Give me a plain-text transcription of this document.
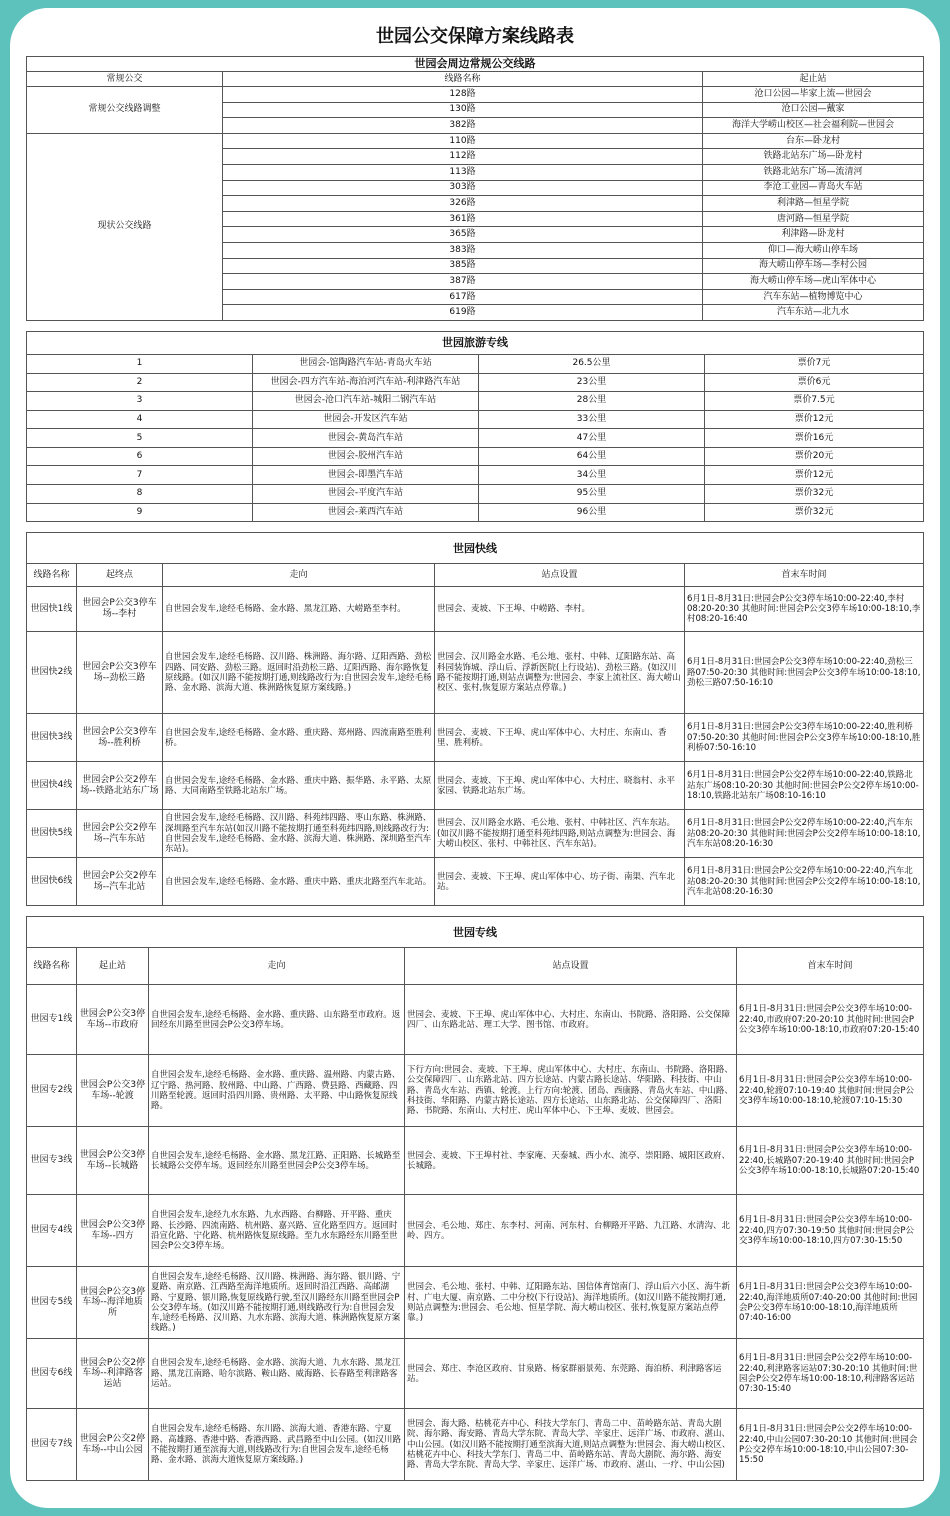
世园公交保障方案线路表
世园会周边常规公交线路		
常规公交	线路名称	起止站
常规公交线路调整	128路	沧口公园—毕家上流—世园会
	130路	沧口公园—戴家
	382路	海洋大学崂山校区—社会福利院—世园会
现状公交线路	110路	台东—卧龙村
	112路	铁路北站东广场—卧龙村
	113路	铁路北站东广场—流清河
	303路	李沧工业园—青岛火车站
	326路	利津路—恒星学院
	361路	唐河路—恒星学院
	365路	利津路—卧龙村
	383路	仰口—海大崂山停车场
	385路	海大崂山停车场—李村公园
	387路	海大崂山停车场—虎山军体中心
	617路	汽车东站—植物博览中心
	619路	汽车东站—北九水
世园旅游专线			
1	世园会-馆陶路汽车站-青岛火车站	26.5公里	票价7元
2	世园会-四方汽车站-海泊河汽车站-利津路汽车站	23公里	票价6元
3	世园会-沧口汽车站-城阳二钢汽车站	28公里	票价7.5元
4	世园会-开发区汽车站	33公里	票价12元
5	世园会-黄岛汽车站	47公里	票价16元
6	世园会-胶州汽车站	64公里	票价20元
7	世园会-即墨汽车站	34公里	票价12元
8	世园会-平度汽车站	95公里	票价32元
9	世园会-莱西汽车站	96公里	票价32元
世园快线				
线路名称	起终点	走向	站点设置	首末车时间
世园快1线	世园会P公交3停车场--李村	自世园会发车,途经毛杨路、金水路、黑龙江路、大崂路至李村。	世园会、麦坡、下王埠、中崂路、李村。	6月1日-8月31日:世园会P公交3停车场10:00-22:40,李村08:20-20:30 其他时间:世园会P公交3停车场10:00-18:10,李村08:20-16:40
世园快2线	世园会P公交3停车场--劲松三路	自世园会发车,途经毛杨路、汉川路、株洲路、海尔路、辽阳西路、劲松四路、同安路、劲松三路。返回时沿劲松三路、辽阳西路、海尔路恢复原线路。(如汉川路不能按期打通,则线路改行为:自世园会发车,途经毛杨路、金水路、滨海大道、株洲路恢复原方案线路。)	世园会、汉川路金水路、毛公地、张村、中韩、辽阳路东站、高科园装饰城、浮山后、浮新医院(上行设站)、劲松三路。(如汉川路不能按期打通,则站点调整为:世园会、李家上流社区、海大崂山校区、张村,恢复原方案站点停靠。)	6月1日-8月31日:世园会P公交3停车场10:00-22:40,劲松三路07:50-20:30 其他时间:世园会P公交3停车场10:00-18:10,劲松三路07:50-16:10
世园快3线	世园会P公交3停车场--胜利桥	自世园会发车,途经毛杨路、金水路、重庆路、郑州路、四流南路至胜利桥。	世园会、麦坡、下王埠、虎山军体中心、大村庄、东南山、香里、胜利桥。	6月1日-8月31日:世园会P公交3停车场10:00-22:40,胜利桥07:50-20:30 其他时间:世园会P公交3停车场10:00-18:10,胜利桥07:50-16:10
世园快4线	世园会P公交2停车场--铁路北站东广场	自世园会发车,途经毛杨路、金水路、重庆中路、振华路、永平路、太原路、大同南路至铁路北站东广场。	世园会、麦坡、下王埠、虎山军体中心、大村庄、晓翁村、永平家园、铁路北站东广场。	6月1日-8月31日:世园会P公交2停车场10:00-22:40,铁路北站东广场08:10-20:30 其他时间:世园会P公交2停车场10:00-18:10,铁路北站东广场08:10-16:10
世园快5线	世园会P公交2停车场--汽车东站	自世园会发车,途经毛杨路、汉川路、科苑纬四路、枣山东路、株洲路、深圳路至汽车东站(如汉川路不能按期打通至科苑纬四路,则线路改行为:自世园会发车,途经毛杨路、金水路、滨海大道、株洲路、深圳路至汽车东站)。	世园会、汉川路金水路、毛公地、张村、中韩社区、汽车东站。(如汉川路不能按期打通至科苑纬四路,则站点调整为:世园会、海大崂山校区、张村、中韩社区、汽车东站)。	6月1日-8月31日:世园会P公交2停车场10:00-22:40,汽车东站08:20-20:30 其他时间:世园会P公交2停车场10:00-18:10,汽车东站08:20-16:30
世园快6线	世园会P公交2停车场--汽车北站	自世园会发车,途经毛杨路、金水路、重庆中路、重庆北路至汽车北站。	世园会、麦坡、下王埠、虎山军体中心、坊子街、南渠、汽车北站。	6月1日-8月31日:世园会P公交2停车场10:00-22:40,汽车北站08:20-20:30 其他时间:世园会P公交2停车场10:00-18:10,汽车北站08:20-16:30
世园专线				
线路名称	起止站	走向	站点设置	首末车时间
世园专1线	世园会P公交3停车场--市政府	自世园会发车,途经毛杨路、金水路、重庆路、山东路至市政府。返回经东川路至世园会P公交3停车场。	世园会、麦坡、下王埠、虎山军体中心、大村庄、东南山、书院路、洛阳路、公交保障四厂、山东路北站、理工大学、图书馆、市政府。	6月1日-8月31日:世园会P公交3停车场10:00-22:40,市政府07:20-20:10 其他时间:世园会P公交3停车场10:00-18:10,市政府07:20-15:40
世园专2线	世园会P公交3停车场--轮渡	自世园会发车,途经毛杨路、金水路、重庆路、温州路、内蒙古路、辽宁路、热河路、胶州路、中山路、广西路、费县路、西藏路、四川路至轮渡。返回时沿四川路、贵州路、太平路、中山路恢复原线路。	下行方向:世园会、麦坡、下王埠、虎山军体中心、大村庄、东南山、书院路、洛阳路、公交保障四厂、山东路北站、四方长途站、内蒙古路长途站、华阳路、科技街、中山路、青岛火车站、西镇、轮渡。上行方向:轮渡、团岛、西康路、青岛火车站、中山路、科技街、华阳路、内蒙古路长途站、四方长途站、山东路北站、公交保障四厂、洛阳路、书院路、东南山、大村庄、虎山军体中心、下王埠、麦坡、世园会。	6月1日-8月31日:世园会P公交3停车场10:00-22:40,轮渡07:10-19:40 其他时间:世园会P公交3停车场10:00-18:10,轮渡07:10-15:30
世园专3线	世园会P公交3停车场--长城路	自世园会发车,途经毛杨路、金水路、黑龙江路、正阳路、长城路至长城路公交停车场。返回经东川路至世园会P公交3停车场。	世园会、麦坡、下王埠村社、李家庵、天泰城、西小水、流亭、崇阳路、城阳区政府、长城路。	6月1日-8月31日:世园会P公交3停车场10:00-22:40,长城路07:20-19:40 其他时间:世园会P公交3停车场10:00-18:10,长城路07:20-15:40
世园专4线	世园会P公交3停车场--四方	自世园会发车,途经九水东路、九水西路、台柳路、开平路、重庆路、长沙路、四流南路、杭州路、嘉兴路、宣化路至四方。返回时沿宣化路、宁化路、杭州路恢复原线路。至九水东路经东川路至世园会P公交3停车场。	世园会、毛公地、郑庄、东李村、河南、河东村、台柳路开平路、九江路、水清沟、北岭、四方。	6月1日-8月31日:世园会P公交3停车场10:00-22:40,四方07:30-19:50 其他时间:世园会P公交3停车场10:00-18:10,四方07:30-15:50
世园专5线	世园会P公交3停车场--海洋地质所	自世园会发车,途经毛杨路、汉川路、株洲路、海尔路、银川路、宁夏路、南京路、江西路至海洋地质所。返回时沿江西路、高邮湖路、宁夏路、银川路,恢复原线路行驶,至汉川路经东川路至世园会P公交3停车场。(如汉川路不能按期打通,则线路改行为:自世园会发车,途经毛杨路、汉川路、九水东路、滨海大道、株洲路恢复原方案线路。)	世园会、毛公地、张村、中韩、辽阳路东站、国信体育馆南门、浮山后六小区、海牛新村、广电大厦、南京路、二中分校(下行设站)、海洋地质所。(如汉川路不能按期打通,则站点调整为:世园会、毛公地、恒星学院、海大崂山校区、张村,恢复原方案站点停靠。)	6月1日-8月31日:世园会P公交3停车场10:00-22:40,海洋地质所07:40-20:00 其他时间:世园会P公交3停车场10:00-18:10,海洋地质所07:40-16:00
世园专6线	世园会P公交2停车场--利津路客运站	自世园会发车,途经毛杨路、金水路、滨海大道、九水东路、黑龙江路、黑龙江南路、哈尔滨路、鞍山路、威海路、长春路至利津路客运站。	世园会、郑庄、李沧区政府、甘泉路、杨家群丽景苑、东莞路、海泊桥、利津路客运站。	6月1日-8月31日:世园会P公交2停车场10:00-22:40,利津路客运站07:30-20:10 其他时间:世园会P公交2停车场10:00-18:10,利津路客运站07:30-15:40
世园专7线	世园会P公交2停车场--中山公园	自世园会发车,途经毛杨路、东川路、滨海大道、香港东路、宁夏路、高雄路、香港中路、香港西路、武昌路至中山公园。(如汉川路不能按期打通至滨海大道,则线路改行为:自世园会发车,途经毛杨路、金水路、滨海大道恢复原方案线路。)	世园会、海大路、枯桃花卉中心、科技大学东门、青岛二中、苗岭路东站、青岛大剧院、海尔路、海安路、青岛大学东院、青岛大学、辛家庄、远洋广场、市政府、湛山、中山公园。(如汉川路不能按期打通至滨海大道,则站点调整为:世园会、海大崂山校区、枯桃花卉中心、科技大学东门、青岛二中、苗岭路东站、青岛大剧院、海尔路、海安路、青岛大学东院、青岛大学、辛家庄、远洋广场、市政府、湛山、一疗、中山公园)	6月1日-8月31日:世园会P公交2停车场10:00-22:40,中山公园07:30-20:10 其他时间:世园会P公交2停车场10:00-18:10,中山公园07:30-15:50
